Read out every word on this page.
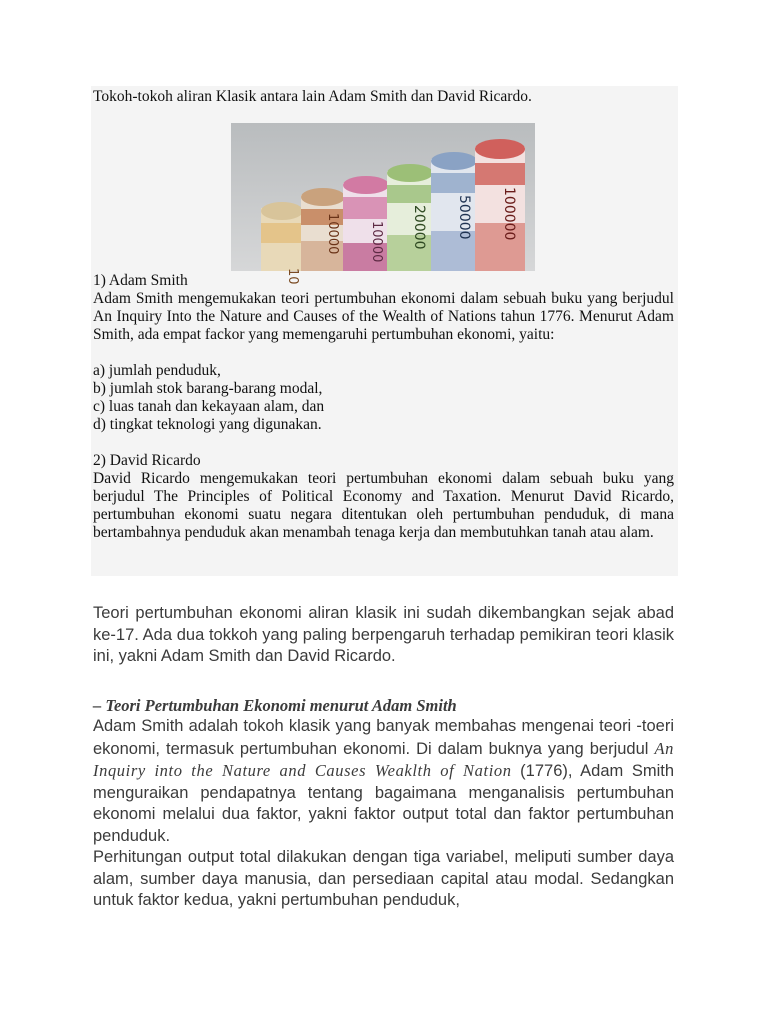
Tokoh-tokoh aliran Klasik antara lain Adam Smith dan David Ricardo.

10
10000 10000 20000 50000 100000

1) Adam Smith

Adam Smith mengemukakan teori pertumbuhan ekonomi dalam sebuah buku yang berjudul An Inquiry Into the Nature and Causes of the Wealth of Nations tahun 1776. Menurut Adam Smith, ada empat fackor yang memengaruhi pertumbuhan ekonomi, yaitu:

a) jumlah penduduk,

b) jumlah stok barang-barang modal,

c) luas tanah dan kekayaan alam, dan

d) tingkat teknologi yang digunakan.

2) David Ricardo

David Ricardo mengemukakan teori pertumbuhan ekonomi dalam sebuah buku yang berjudul The Principles of Political Economy and Taxation. Menurut David Ricardo, pertumbuhan ekonomi suatu negara ditentukan oleh pertumbuhan penduduk, di mana bertambahnya penduduk akan menambah tenaga kerja dan membutuhkan tanah atau alam.

Teori pertumbuhan ekonomi aliran klasik ini sudah dikembangkan sejak abad ke-17. Ada dua tokkoh yang paling berpengaruh terhadap pemikiran teori klasik ini, yakni Adam Smith dan David Ricardo.

– Teori Pertumbuhan Ekonomi menurut Adam Smith

Adam Smith adalah tokoh klasik yang banyak membahas mengenai teori -toeri ekonomi, termasuk pertumbuhan ekonomi. Di dalam buknya yang berjudul An Inquiry into the Nature and Causes Weaklth of Nation (1776), Adam Smith menguraikan pendapatnya tentang bagaimana menganalisis pertumbuhan ekonomi melalui dua faktor, yakni faktor output total dan faktor pertumbuhan penduduk.

Perhitungan output total dilakukan dengan tiga variabel, meliputi sumber daya alam, sumber daya manusia, dan persediaan capital atau modal. Sedangkan untuk faktor kedua, yakni pertumbuhan penduduk,
